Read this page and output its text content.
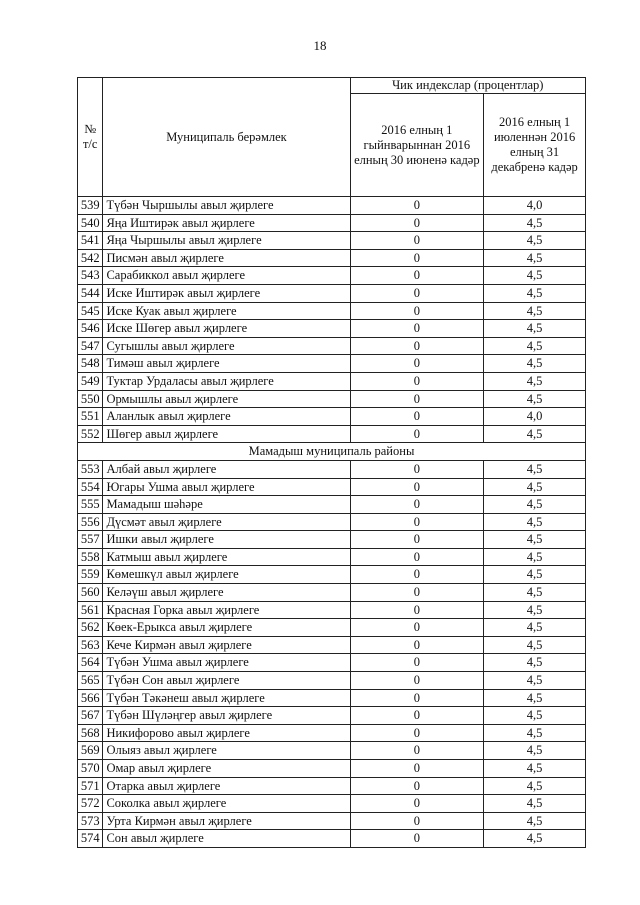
18
№
т/с	Муниципаль берәмлек	Чик индекслар (процентлар)	
		2016 елның 1 гыйнварыннан 2016 елның 30 июненә кадәр	2016 елның 1 июленнән 2016 елның 31 декабренә кадәр
539	Түбән Чыршылы авыл җирлеге	0	4,0
540	Яңа Иштирәк авыл җирлеге	0	4,5
541	Яңа Чыршылы авыл җирлеге	0	4,5
542	Писмән авыл җирлеге	0	4,5
543	Сарабиккол авыл җирлеге	0	4,5
544	Иске Иштирәк авыл җирлеге	0	4,5
545	Иске Куак авыл җирлеге	0	4,5
546	Иске Шөгер авыл җирлеге	0	4,5
547	Сугышлы авыл җирлеге	0	4,5
548	Тимәш авыл җирлеге	0	4,5
549	Туктар Урдаласы авыл җирлеге	0	4,5
550	Ормышлы авыл җирлеге	0	4,5
551	Аланлык авыл җирлеге	0	4,0
552	Шөгер авыл җирлеге	0	4,5
Мамадыш муниципаль районы			
553	Албай авыл җирлеге	0	4,5
554	Югары Ушма авыл җирлеге	0	4,5
555	Мамадыш шәһәре	0	4,5
556	Дүсмәт авыл җирлеге	0	4,5
557	Ишки авыл җирлеге	0	4,5
558	Катмыш авыл җирлеге	0	4,5
559	Көмешкүл авыл җирлеге	0	4,5
560	Келәүш авыл җирлеге	0	4,5
561	Красная Горка авыл җирлеге	0	4,5
562	Көек-Ерыкса авыл җирлеге	0	4,5
563	Кече Кирмән авыл җирлеге	0	4,5
564	Түбән Ушма авыл җирлеге	0	4,5
565	Түбән Сон авыл җирлеге	0	4,5
566	Түбән Тәкәнеш авыл җирлеге	0	4,5
567	Түбән Шүләңгер авыл җирлеге	0	4,5
568	Никифорово авыл җирлеге	0	4,5
569	Олыяз авыл җирлеге	0	4,5
570	Омар авыл җирлеге	0	4,5
571	Отарка авыл җирлеге	0	4,5
572	Соколка авыл җирлеге	0	4,5
573	Урта Кирмән авыл җирлеге	0	4,5
574	Сон авыл җирлеге	0	4,5
